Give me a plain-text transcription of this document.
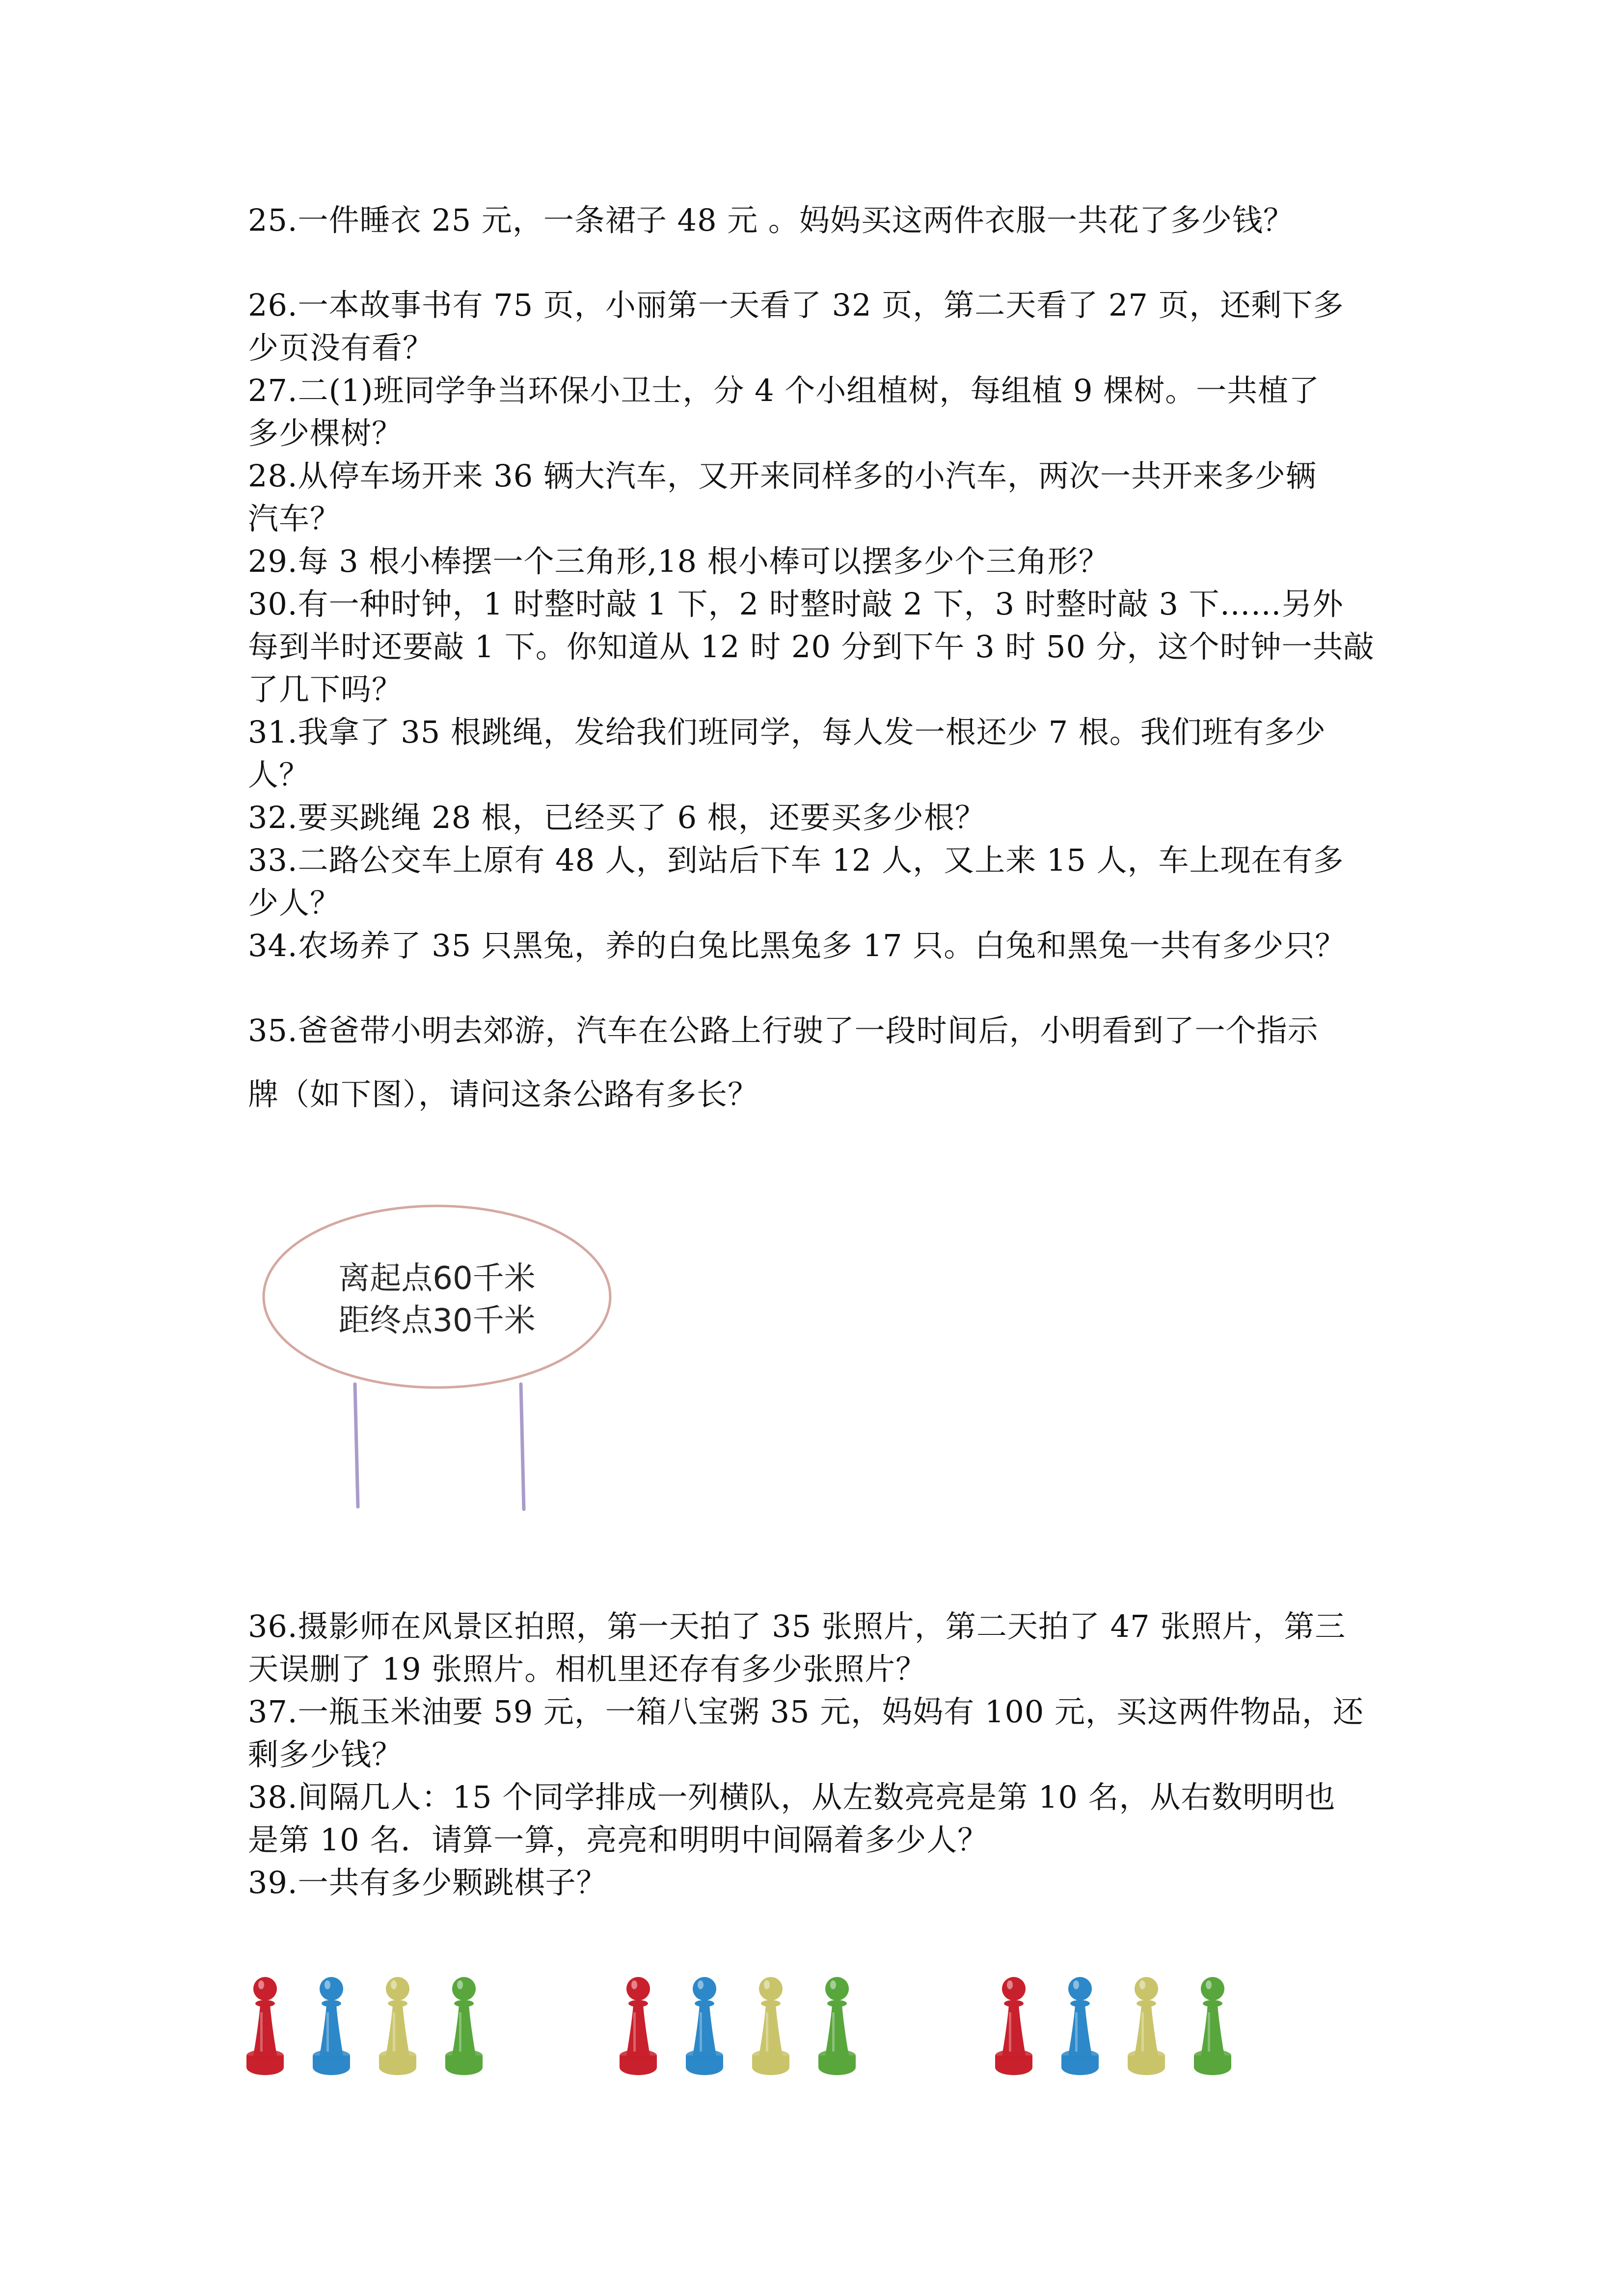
25.一件睡衣 25 元，一条裙子 48 元 。妈妈买这两件衣服一共花了多少钱？

26.一本故事书有 75 页，小丽第一天看了 32 页，第二天看了 27 页，还剩下多
少页没有看？

27.二(1)班同学争当环保小卫士，分 4 个小组植树，每组植 9 棵树。一共植了
多少棵树？

28.从停车场开来 36 辆大汽车，又开来同样多的小汽车，两次一共开来多少辆
汽车？

29.每 3 根小棒摆一个三角形,18 根小棒可以摆多少个三角形？

30.有一种时钟，1 时整时敲 1 下，2 时整时敲 2 下，3 时整时敲 3 下……另外
每到半时还要敲 1 下。你知道从 12 时 20 分到下午 3 时 50 分，这个时钟一共敲
了几下吗？

31.我拿了 35 根跳绳，发给我们班同学，每人发一根还少 7 根。我们班有多少
人？

32.要买跳绳 28 根，已经买了 6 根，还要买多少根？

33.二路公交车上原有 48 人，到站后下车 12 人，又上来 15 人，车上现在有多
少人？

34.农场养了 35 只黑兔，养的白兔比黑兔多 17 只。白兔和黑兔一共有多少只？

35.爸爸带小明去郊游，汽车在公路上行驶了一段时间后，小明看到了一个指示
牌（如下图），请问这条公路有多长？

离起点60千米
距终点30千米

36.摄影师在风景区拍照，第一天拍了 35 张照片，第二天拍了 47 张照片，第三
天误删了 19 张照片。相机里还存有多少张照片？

37.一瓶玉米油要 59 元，一箱八宝粥 35 元，妈妈有 100 元，买这两件物品，还
剩多少钱？

38.间隔几人：15 个同学排成一列横队，从左数亮亮是第 10 名，从右数明明也
是第 10 名．请算一算，亮亮和明明中间隔着多少人？

39.一共有多少颗跳棋子？
